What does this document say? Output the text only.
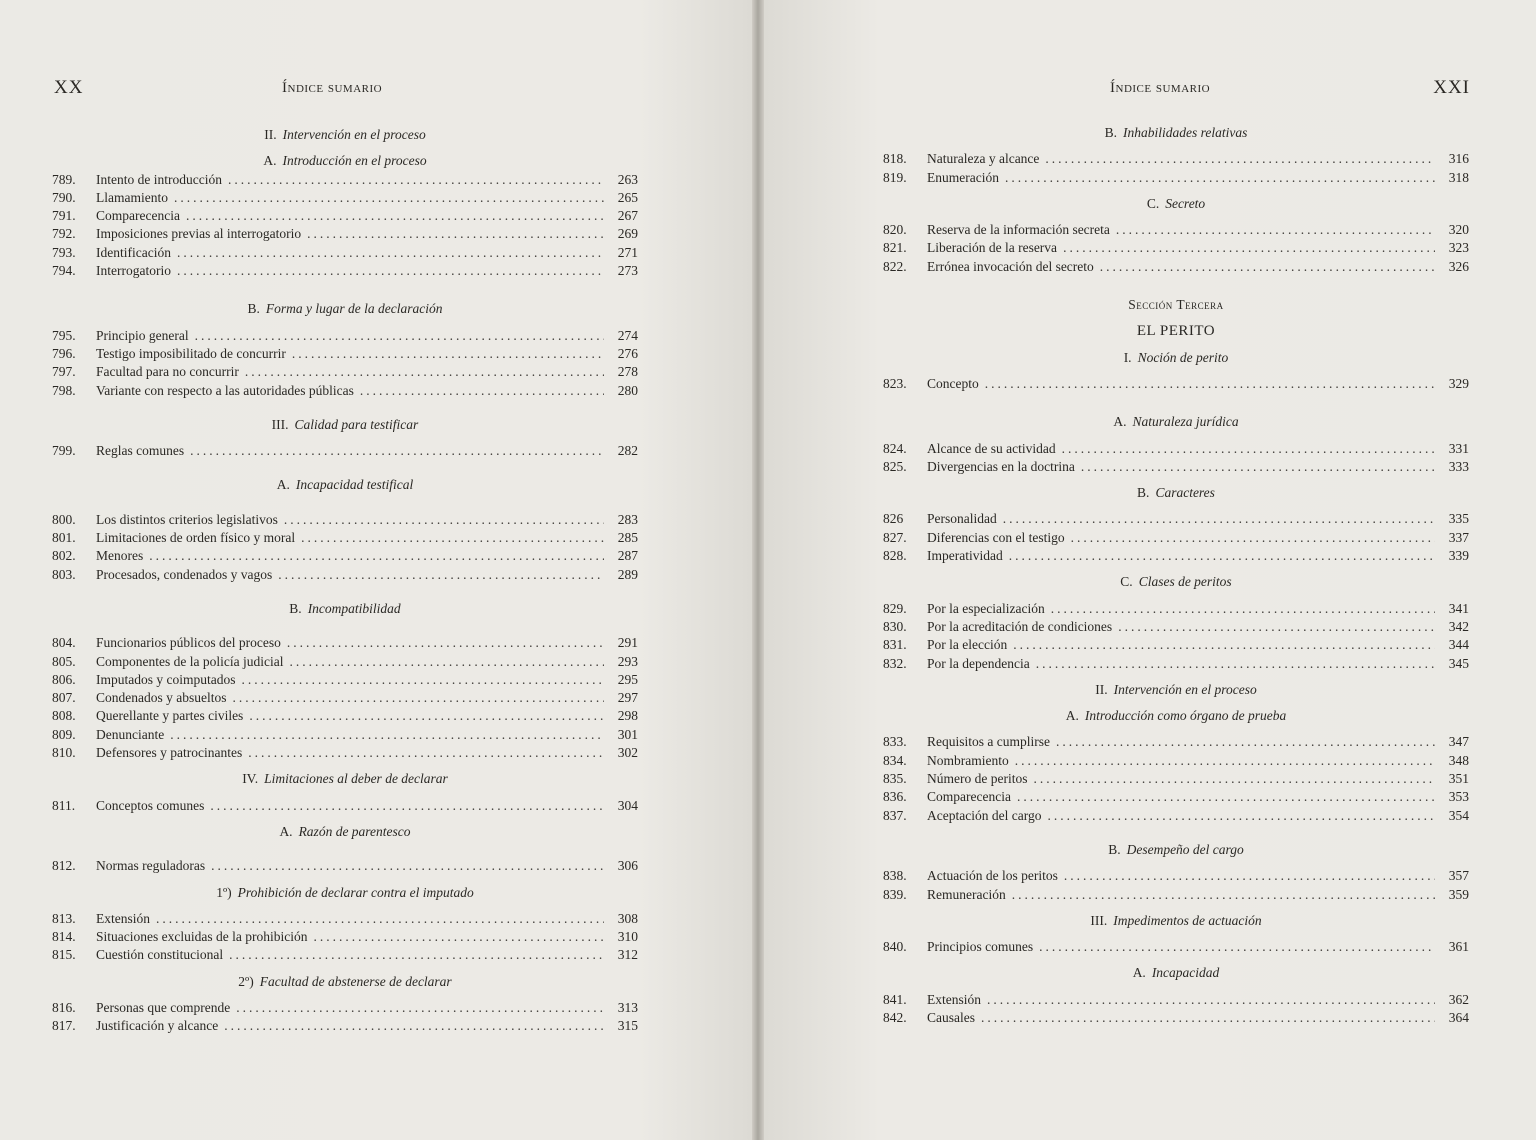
XX	Índice sumario
II. Intervención en el proceso
A. Introducción en el proceso
789.	Intento de introducción .....	263
790.	Llamamiento .....	265
791.	Comparecencia .....	267
792.	Imposiciones previas al interrogatorio .....	269
793.	Identificación .....	271
794.	Interrogatorio .....	273
B. Forma y lugar de la declaración
795.	Principio general .....	274
796.	Testigo imposibilitado de concurrir .....	276
797.	Facultad para no concurrir .....	278
798.	Variante con respecto a las autoridades públicas .....	280
III. Calidad para testificar
799.	Reglas comunes .....	282
A. Incapacidad testifical
800.	Los distintos criterios legislativos .....	283
801.	Limitaciones de orden físico y moral .....	285
802.	Menores .....	287
803.	Procesados, condenados y vagos .....	289
B. Incompatibilidad
804.	Funcionarios públicos del proceso .....	291
805.	Componentes de la policía judicial .....	293
806.	Imputados y coimputados .....	295
807.	Condenados y absueltos .....	297
808.	Querellante y partes civiles .....	298
809.	Denunciante .....	301
810.	Defensores y patrocinantes .....	302
IV. Limitaciones al deber de declarar
811.	Conceptos comunes .....	304
A. Razón de parentesco
812.	Normas reguladoras .....	306
1º) Prohibición de declarar contra el imputado
813.	Extensión .....	308
814.	Situaciones excluidas de la prohibición .....	310
815.	Cuestión constitucional .....	312
2º) Facultad de abstenerse de declarar
816.	Personas que comprende .....	313
817.	Justificación y alcance .....	315
Índice sumario	XXI
B. Inhabilidades relativas
818.	Naturaleza y alcance .....	316
819.	Enumeración .....	318
C. Secreto
820.	Reserva de la información secreta .....	320
821.	Liberación de la reserva .....	323
822.	Errónea invocación del secreto .....	326
Sección Tercera
EL PERITO
I. Noción de perito
823.	Concepto .....	329
A. Naturaleza jurídica
824.	Alcance de su actividad .....	331
825.	Divergencias en la doctrina .....	333
B. Caracteres
826	Personalidad .....	335
827.	Diferencias con el testigo .....	337
828.	Imperatividad .....	339
C. Clases de peritos
829.	Por la especialización .....	341
830.	Por la acreditación de condiciones .....	342
831.	Por la elección .....	344
832.	Por la dependencia .....	345
II. Intervención en el proceso
A. Introducción como órgano de prueba
833.	Requisitos a cumplirse .....	347
834.	Nombramiento .....	348
835.	Número de peritos .....	351
836.	Comparecencia .....	353
837.	Aceptación del cargo .....	354
B. Desempeño del cargo
838.	Actuación de los peritos .....	357
839.	Remuneración .....	359
III. Impedimentos de actuación
840.	Principios comunes .....	361
A. Incapacidad
841.	Extensión .....	362
842.	Causales .....	364
